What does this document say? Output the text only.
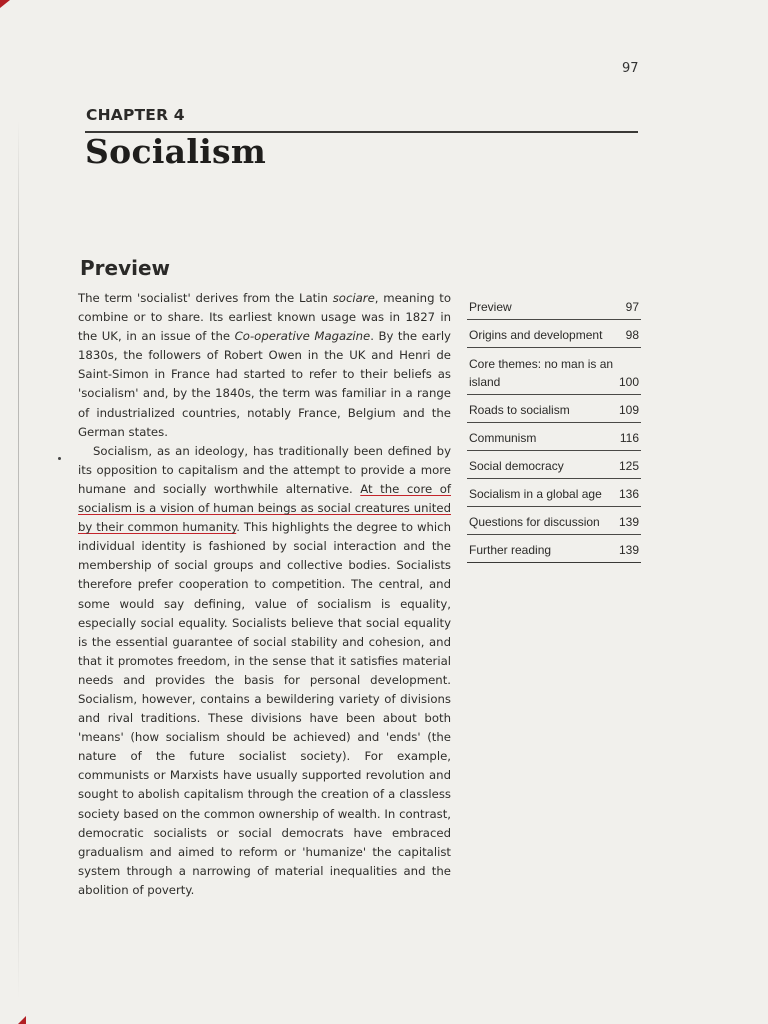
97
CHAPTER 4
Socialism
Preview

The term 'socialist' derives from the Latin sociare, meaning to combine or to share. Its earliest known usage was in 1827 in the UK, in an issue of the Co-operative Magazine. By the early 1830s, the followers of Robert Owen in the UK and Henri de Saint-Simon in France had started to refer to their beliefs as 'socialism' and, by the 1840s, the term was familiar in a range of industrialized countries, notably France, Belgium and the German states.

Socialism, as an ideology, has traditionally been defined by its opposition to capitalism and the attempt to provide a more humane and socially worthwhile alternative. At the core of socialism is a vision of human beings as social creatures united by their common humanity. This highlights the degree to which individual identity is fashioned by social interaction and the membership of social groups and collective bodies. Socialists therefore prefer cooperation to competition. The central, and some would say defining, value of socialism is equality, especially social equality. Socialists believe that social equality is the essential guarantee of social stability and cohesion, and that it promotes freedom, in the sense that it satisfies material needs and provides the basis for personal development. Socialism, however, contains a bewildering variety of divisions and rival traditions. These divisions have been about both 'means' (how socialism should be achieved) and 'ends' (the nature of the future socialist society). For example, communists or Marxists have usually supported revolution and sought to abolish capitalism through the creation of a classless society based on the common ownership of wealth. In contrast, democratic socialists or social democrats have embraced gradualism and aimed to reform or 'humanize' the capitalist system through a narrowing of material inequalities and the abolition of poverty.

Preview	97
Origins and development	98
Core themes: no man is an island	100
Roads to socialism	109
Communism	116
Social democracy	125
Socialism in a global age	136
Questions for discussion	139
Further reading	139
